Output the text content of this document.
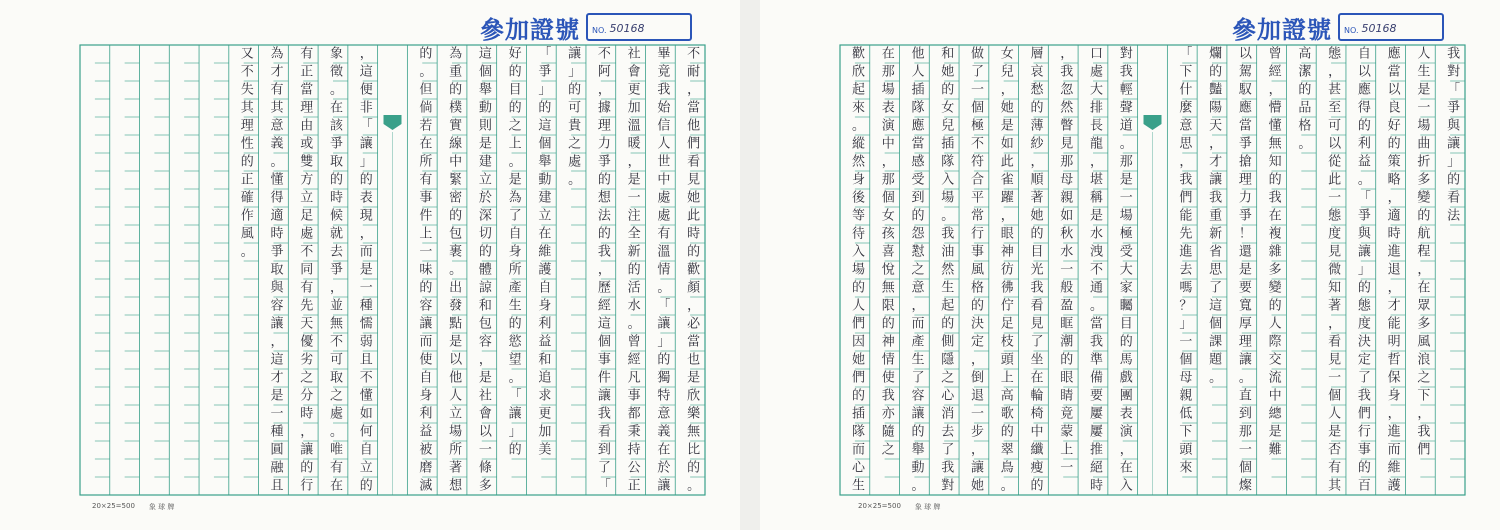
不
耐
，
當
他
們
看
見
她
此
時
的
歡
顏
，
必
當
也
是
欣
樂
無
比
的
。
畢
竟
我
始
信
人
世
中
處
處
有
溫
情
。
「
讓
」
的
獨
特
意
義
在
於
讓
社
會
更
加
溫
暖
，
是
一
注
全
新
的
活
水
。
曾
經
凡
事
都
秉
持
公
正
不
阿
，
據
理
力
爭
的
想
法
的
我
，
歷
經
這
個
事
件
讓
我
看
到
了
「
讓
」
的
可
貴
之
處
。
「
爭
」
的
這
個
舉
動
建
立
在
維
護
自
身
利
益
和
追
求
更
加
美
好
的
目
的
之
上
。
是
為
了
自
身
所
產
生
的
慾
望
。
「
讓
」
的
這
個
舉
動
則
是
建
立
於
深
切
的
體
諒
和
包
容
，
是
社
會
以
一
條
多
為
重
的
樸
實
線
中
緊
密
的
包
裹
。
出
發
點
是
以
他
人
立
場
所
著
想
的
。
但
倘
若
在
所
有
事
件
上
一
味
的
容
讓
而
使
自
身
利
益
被
磨
滅
，
這
便
非
「
讓
」
的
表
現
，
而
是
一
種
懦
弱
且
不
懂
如
何
自
立
的
象
徵
。
在
該
爭
取
的
時
候
就
去
爭
，
並
無
不
可
取
之
處
。
唯
有
在
有
正
當
理
由
或
雙
方
立
足
處
不
同
有
先
天
優
劣
之
分
時
，
讓
的
行
為
才
有
其
意
義
。
懂
得
適
時
爭
取
與
容
讓
，
這
才
是
一
種
圓
融
且
又
不
失
其
理
性
的
正
確
作
風
。
參加證號 NO. 50168
20×25=500 象 球 牌
我
對
「
爭
與
讓
」
的
看
法
人
生
是
一
場
曲
折
多
變
的
航
程
，
在
眾
多
風
浪
之
下
，
我
們
應
當
以
良
好
的
策
略
，
適
時
進
退
，
才
能
明
哲
保
身
，
進
而
維
護
自
以
應
得
的
利
益
。
「
爭
與
讓
」
的
態
度
決
定
了
我
們
行
事
的
百
態
，
甚
至
可
以
從
此
一
態
度
見
微
知
著
，
看
見
一
個
人
是
否
有
其
高
潔
的
品
格
。
曾
經
，
懵
懂
無
知
的
我
在
複
雜
多
變
的
人
際
交
流
中
總
是
難
以
駕
馭
應
當
爭
搶
理
力
爭
！
還
是
要
寬
厚
理
讓
。
直
到
那
一
個
燦
爛
的
豔
陽
天
，
才
讓
我
重
新
省
思
了
這
個
課
題
。
「
下
什
麼
意
思
，
我
們
能
先
進
去
嗎
？
」
一
個
母
親
低
下
頭
來
對
我
輕
聲
道
。
那
是
一
場
極
受
大
家
矚
目
的
馬
戲
團
表
演
，
在
入
口
處
大
排
長
龍
，
堪
稱
是
水
洩
不
通
。
當
我
準
備
要
屢
屢
推
絕
時
，
我
忽
然
瞥
見
那
母
親
如
秋
水
一
般
盈
眶
潮
的
眼
睛
竟
蒙
上
一
層
哀
愁
的
薄
紗
，
順
著
她
的
目
光
我
看
見
了
坐
在
輪
椅
中
纖
瘦
的
女
兒
，
她
是
如
此
雀
躍
，
眼
神
彷
彿
佇
足
枝
頭
上
高
歌
的
翠
鳥
。
做
了
一
個
極
不
符
合
平
常
行
事
風
格
的
決
定
，
倒
退
一
步
，
讓
她
和
她
的
女
兒
插
隊
入
場
。
我
油
然
生
起
的
側
隱
之
心
消
去
了
我
對
他
人
插
隊
應
當
感
受
到
的
怨
懟
之
意
，
而
產
生
了
容
讓
的
舉
動
。
在
那
場
表
演
中
，
那
個
女
孩
喜
悅
無
限
的
神
情
使
我
亦
隨
之
歡
欣
起
來
。
縱
然
身
後
等
待
入
場
的
人
們
因
她
們
的
插
隊
而
心
生
參加證號 NO. 50168
20×25=500 象 球 牌
